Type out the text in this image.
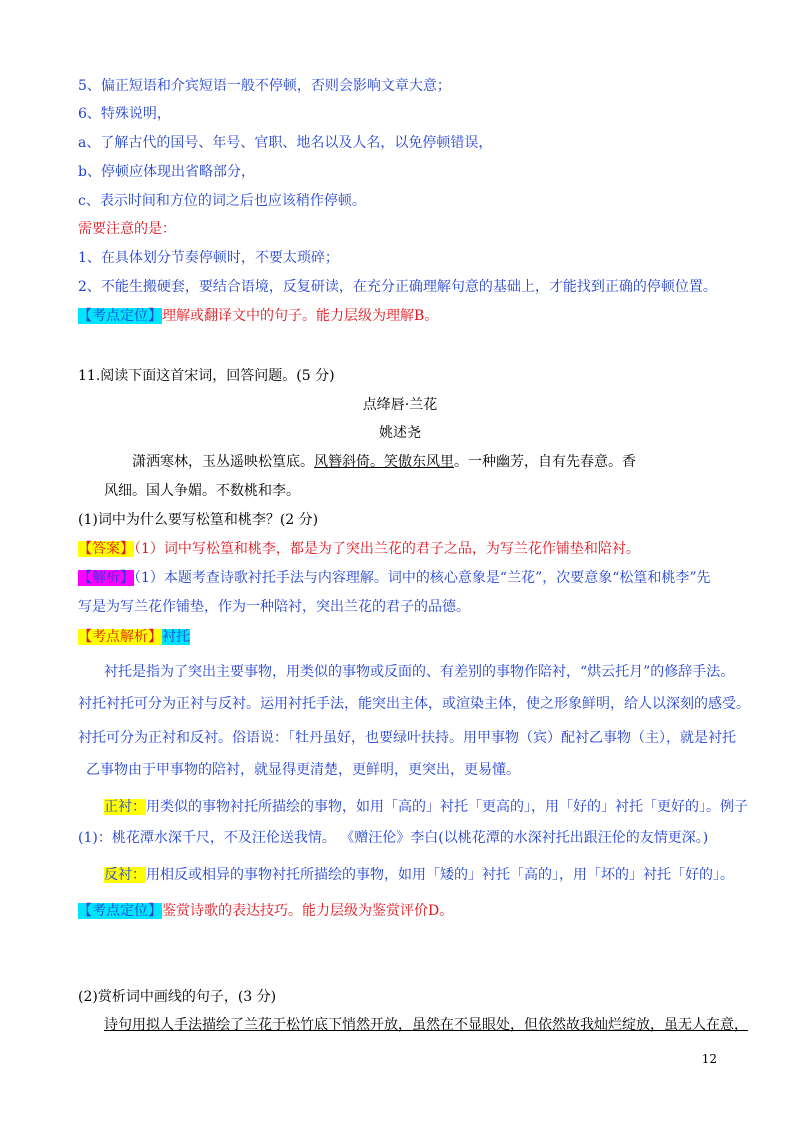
5、偏正短语和介宾短语一般不停顿，否则会影响文章大意；
6、特殊说明，
a、了解古代的国号、年号、官职、地名以及人名，以免停顿错误，
b、停顿应体现出省略部分，
c、表示时间和方位的词之后也应该稍作停顿。
需要注意的是：
1、在具体划分节奏停顿时，不要太琐碎；
2、不能生搬硬套，要结合语境，反复研读，在充分正确理解句意的基础上，才能找到正确的停顿位置。
【考点定位】理解或翻译文中的句子。能力层级为理解B。
11.阅读下面这首宋词，回答问题。(5 分)
点绛唇·兰花
姚述尧
潇洒寒林，玉丛遥映松篁底。风簪斜倚。笑傲东风里。一种幽芳，自有先春意。香
风细。国人争媚。不数桃和李。
(1)词中为什么要写松篁和桃李？(2 分)
【答案】（1）词中写松篁和桃李，都是为了突出兰花的君子之品，为写兰花作铺垫和陪衬。
【解析】（1）本题考查诗歌衬托手法与内容理解。词中的核心意象是“兰花”，次要意象“松篁和桃李”先
写是为写兰花作铺垫，作为一种陪衬，突出兰花的君子的品德。
【考点解析】衬托
衬托是指为了突出主要事物，用类似的事物或反面的、有差别的事物作陪衬，“烘云托月”的修辞手法。
衬托衬托可分为正衬与反衬。运用衬托手法，能突出主体，或渲染主体，使之形象鲜明，给人以深刻的感受。
衬托可分为正衬和反衬。俗语说：「牡丹虽好，也要绿叶扶持。用甲事物（宾）配衬乙事物（主），就是衬托
乙事物由于甲事物的陪衬，就显得更清楚，更鲜明，更突出，更易懂。
正衬：用类似的事物衬托所描绘的事物，如用「高的」衬托「更高的」，用「好的」衬托「更好的」。例子
(1)：桃花潭水深千尺，不及汪伦送我情。 《赠汪伦》李白(以桃花潭的水深衬托出跟汪伦的友情更深。)
反衬：用相反或相异的事物衬托所描绘的事物，如用「矮的」衬托「高的」，用「坏的」衬托「好的」。
【考点定位】鉴赏诗歌的表达技巧。能力层级为鉴赏评价D。
(2)赏析词中画线的句子，(3 分)
诗句用拟人手法描绘了兰花于松竹底下悄然开放，虽然在不显眼处，但依然故我灿烂绽放，虽无人在意，
12
